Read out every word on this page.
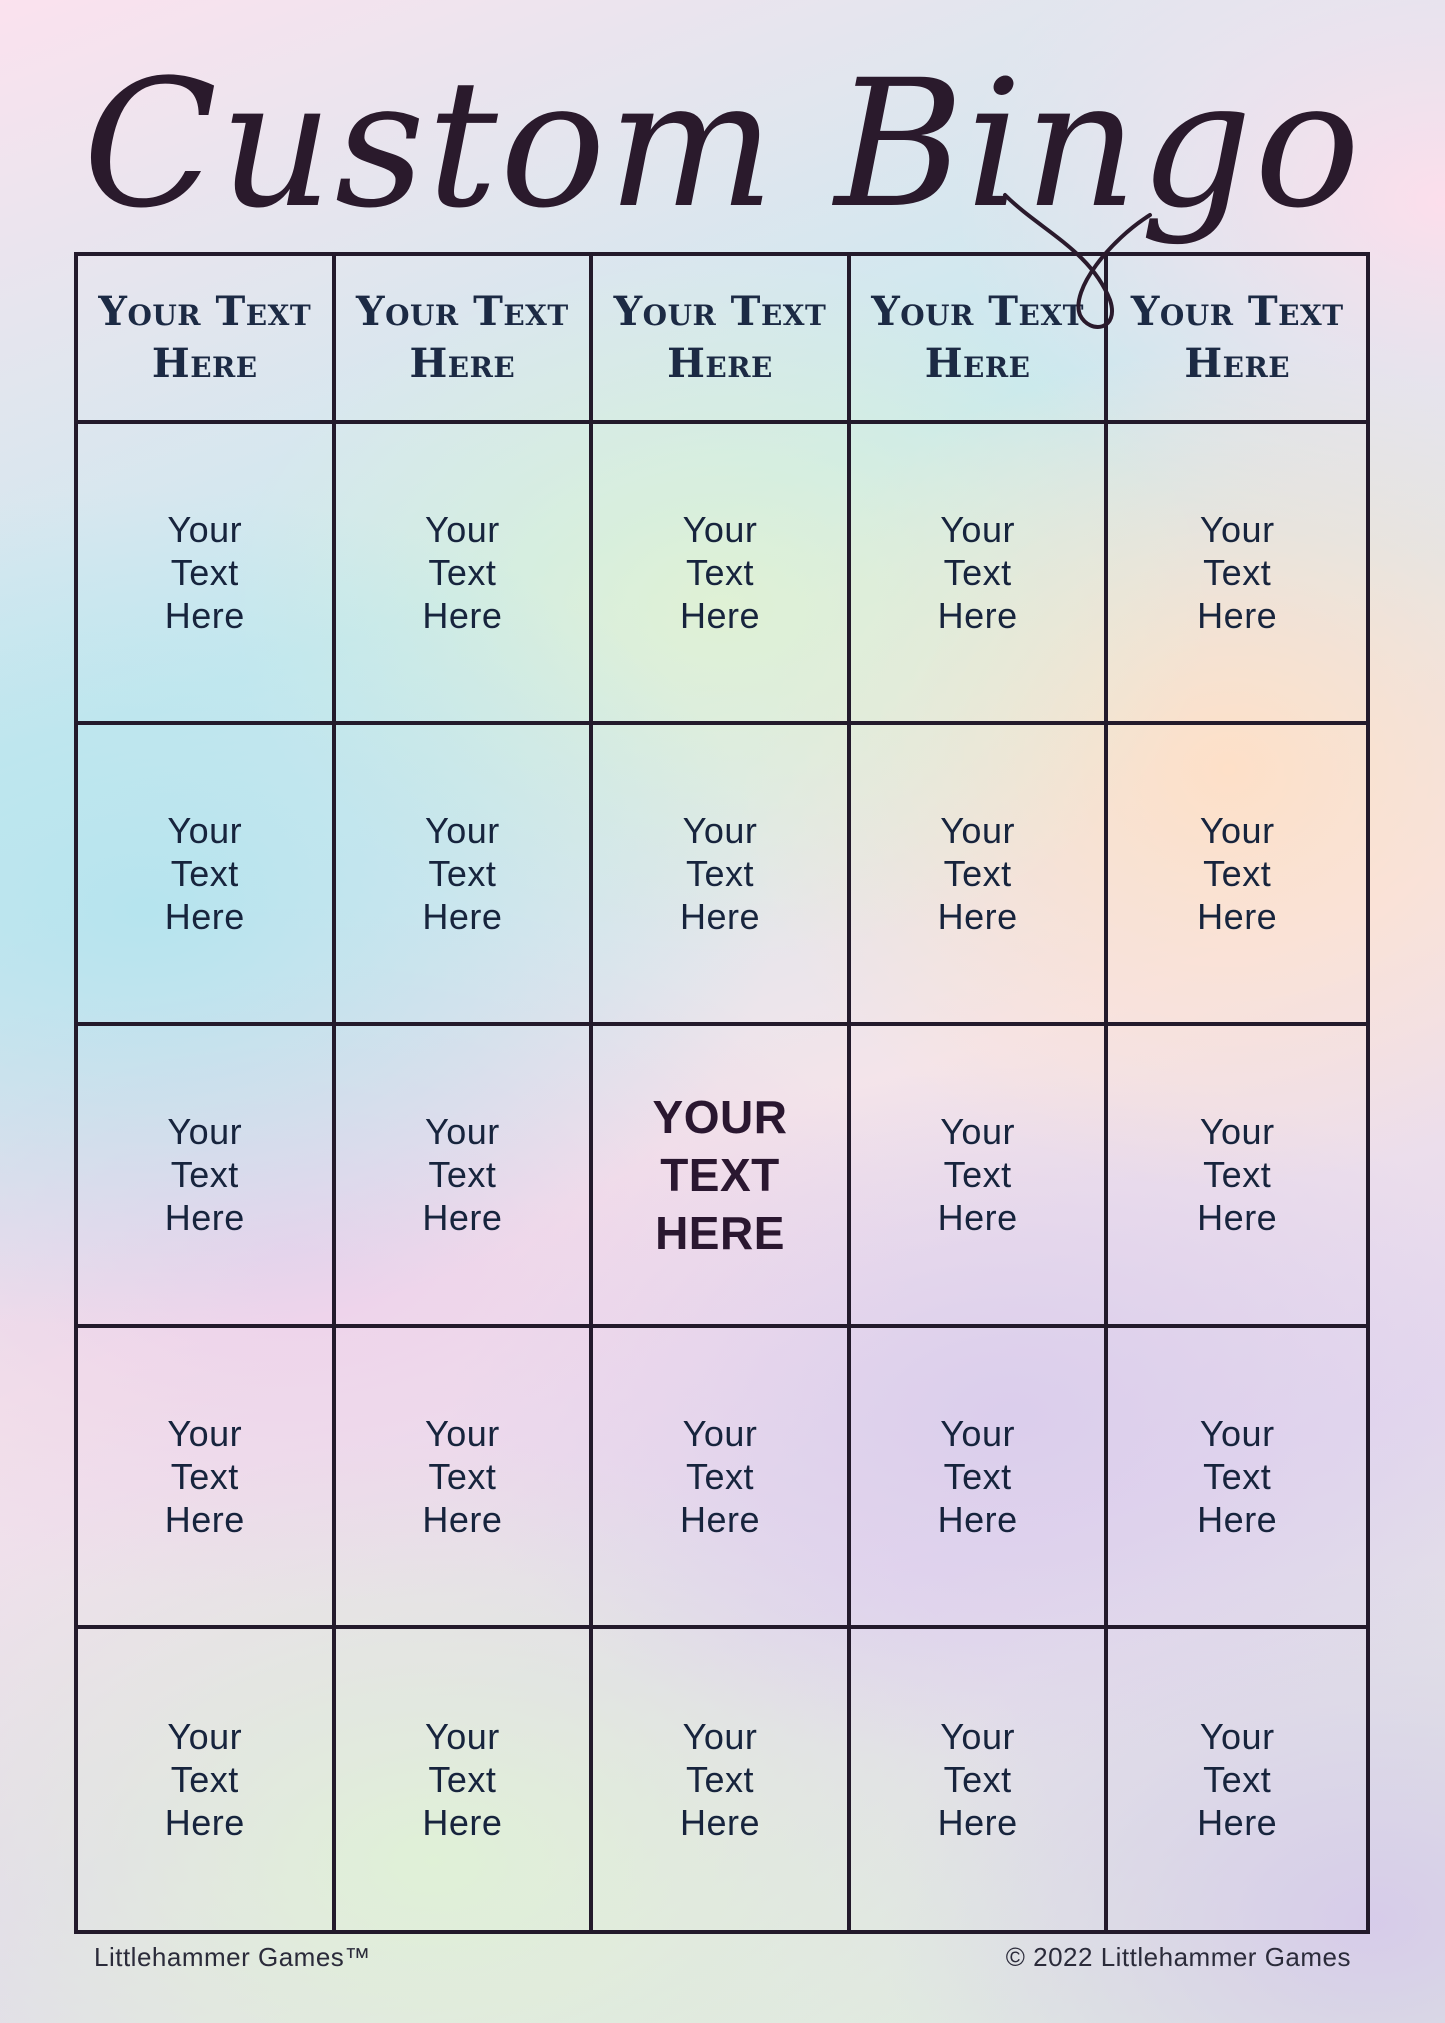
Custom Bingo
Your Text
Here
Your Text
Here
Your Text
Here
Your Text
Here
Your Text
Here
Your
Text
Here
Your
Text
Here
Your
Text
Here
Your
Text
Here
Your
Text
Here
Your
Text
Here
Your
Text
Here
Your
Text
Here
Your
Text
Here
Your
Text
Here
Your
Text
Here
Your
Text
Here
YOUR
TEXT
HERE
Your
Text
Here
Your
Text
Here
Your
Text
Here
Your
Text
Here
Your
Text
Here
Your
Text
Here
Your
Text
Here
Your
Text
Here
Your
Text
Here
Your
Text
Here
Your
Text
Here
Your
Text
Here
Littlehammer Games™	© 2022 Littlehammer Games
